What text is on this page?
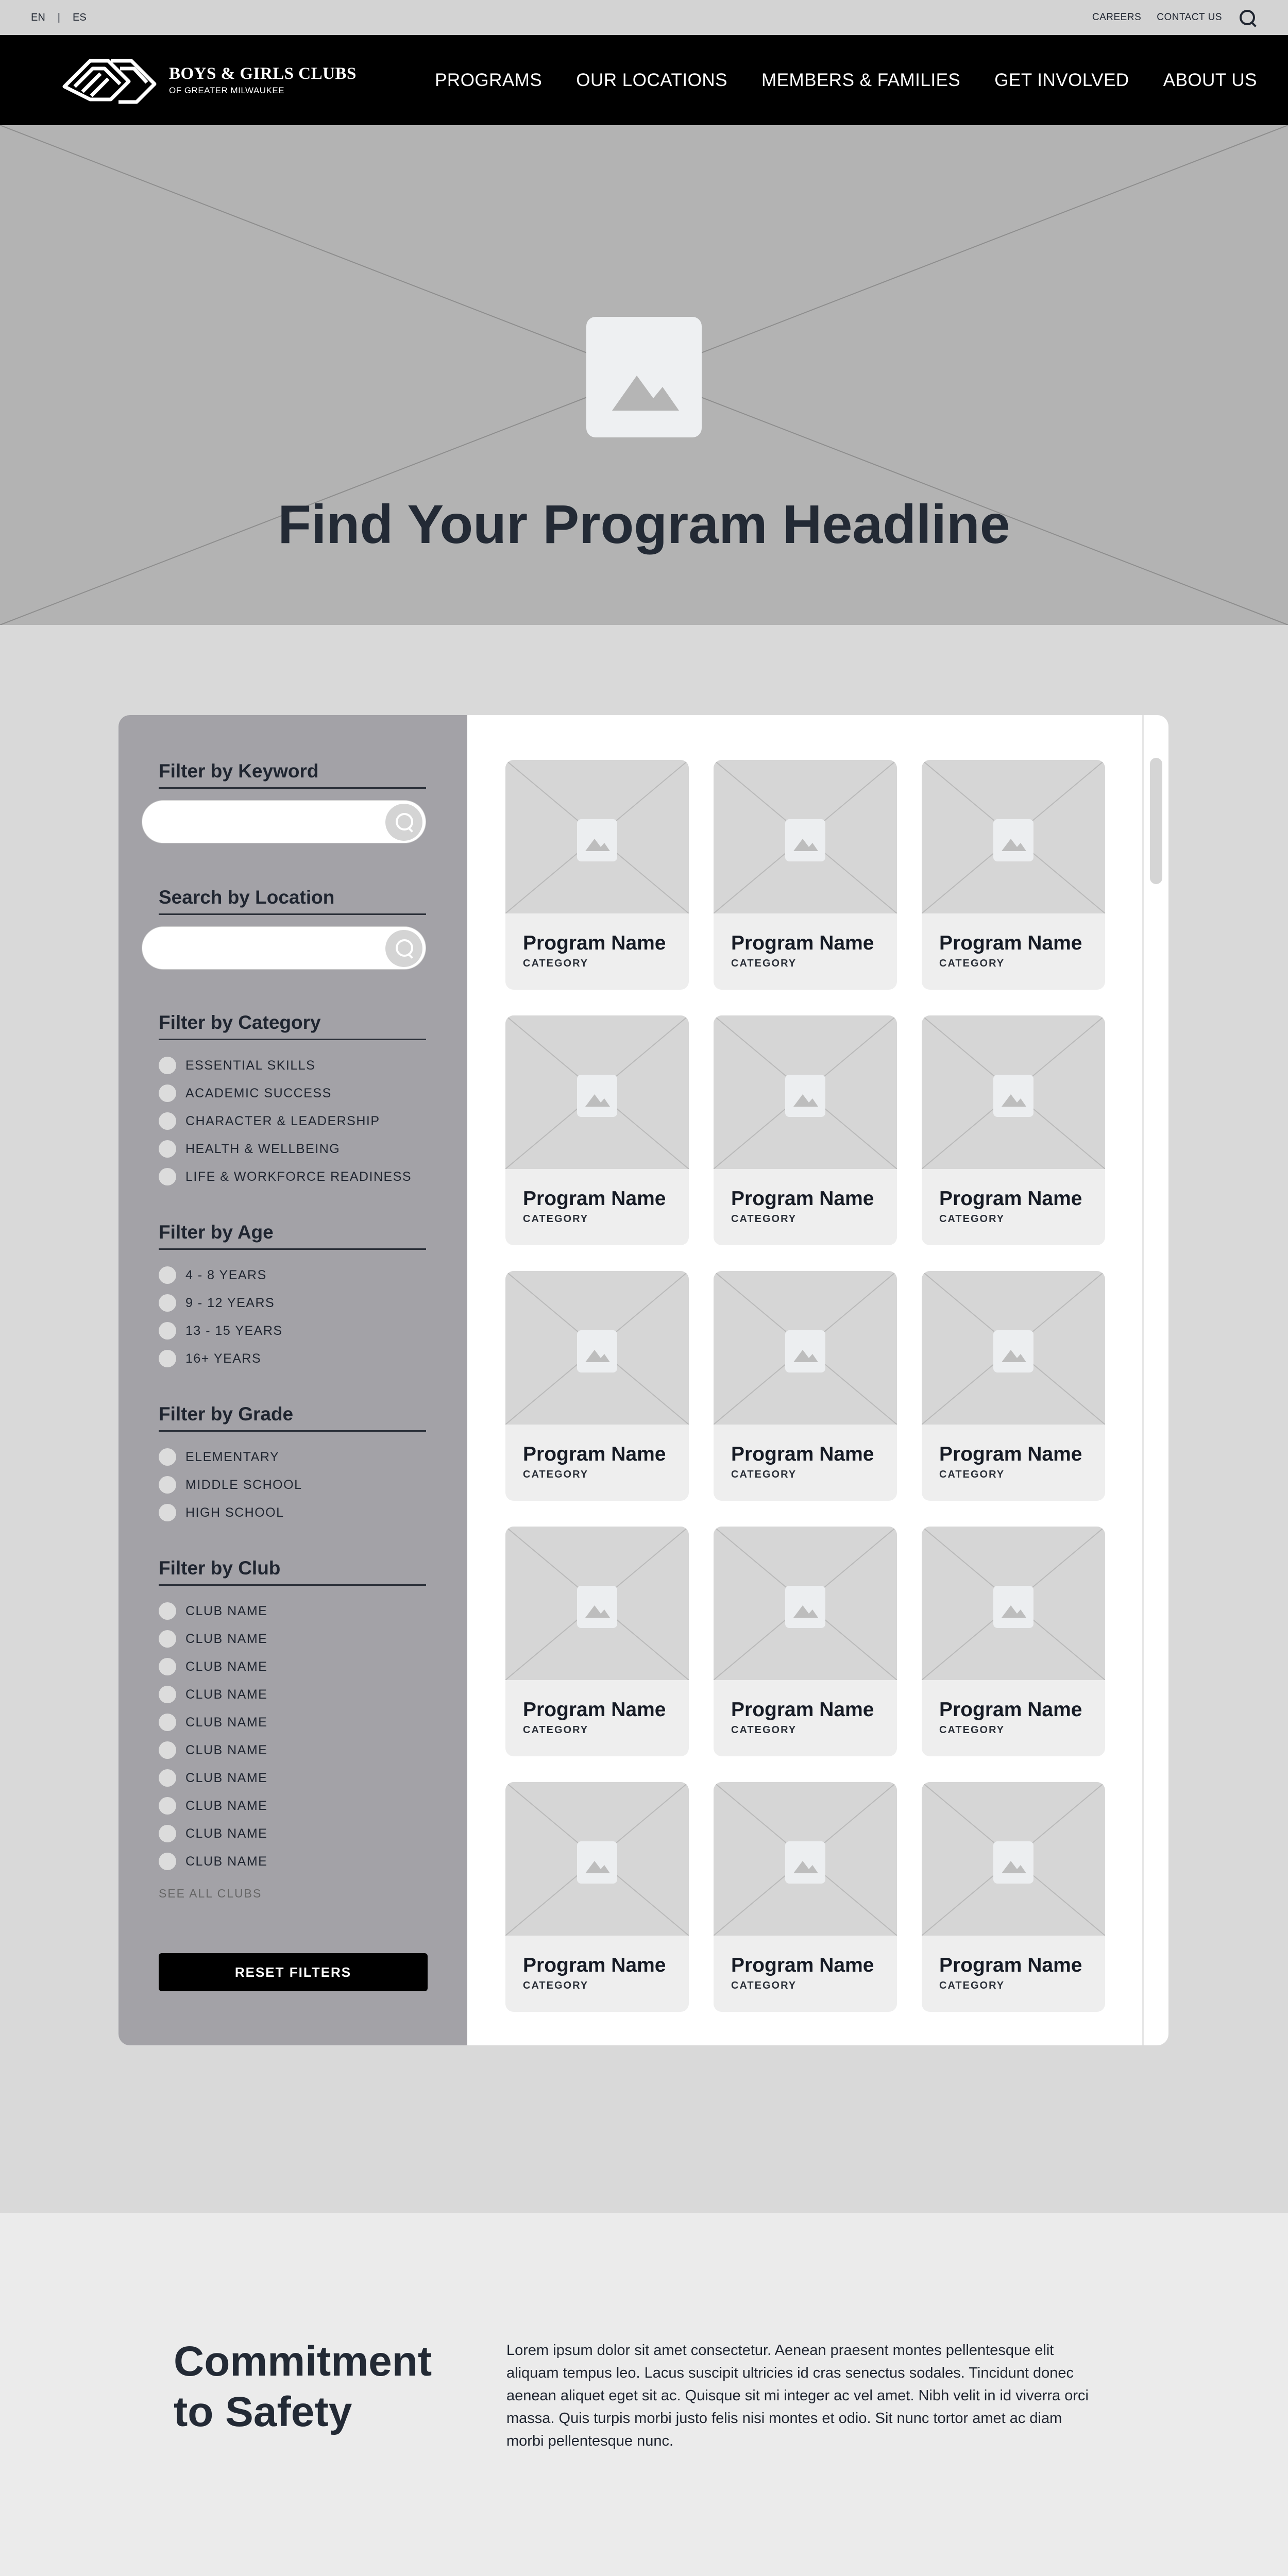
EN | ES	CAREERS CONTACT US
BOYS & GIRLS CLUBS
OF GREATER MILWAUKEE
PROGRAMS OUR LOCATIONS MEMBERS & FAMILIES GET INVOLVED ABOUT US
Find Your Program Headline
Filter by Keyword
Search by Location
Filter by Category
ESSENTIAL SKILLS
ACADEMIC SUCCESS
CHARACTER & LEADERSHIP
HEALTH & WELLBEING
LIFE & WORKFORCE READINESS
Filter by Age
4 - 8 YEARS
9 - 12 YEARS
13 - 15 YEARS
16+ YEARS
Filter by Grade
ELEMENTARY
MIDDLE SCHOOL
HIGH SCHOOL
Filter by Club
CLUB NAME
CLUB NAME
CLUB NAME
CLUB NAME
CLUB NAME
CLUB NAME
CLUB NAME
CLUB NAME
CLUB NAME
CLUB NAME
SEE ALL CLUBS
RESET FILTERS
Program Name
CATEGORY
Program Name
CATEGORY
Program Name
CATEGORY
Program Name
CATEGORY
Program Name
CATEGORY
Program Name
CATEGORY
Program Name
CATEGORY
Program Name
CATEGORY
Program Name
CATEGORY
Program Name
CATEGORY
Program Name
CATEGORY
Program Name
CATEGORY
Program Name
CATEGORY
Program Name
CATEGORY
Program Name
CATEGORY
Commitment
to Safety

Lorem ipsum dolor sit amet consectetur. Aenean praesent montes pellentesque elit aliquam tempus leo. Lacus suscipit ultricies id cras senectus sodales. Tincidunt donec aenean aliquet eget sit ac. Quisque sit mi integer ac vel amet. Nibh velit in id viverra orci massa. Quis turpis morbi justo felis nisi montes et odio. Sit nunc tortor amet ac diam morbi pellentesque nunc.
